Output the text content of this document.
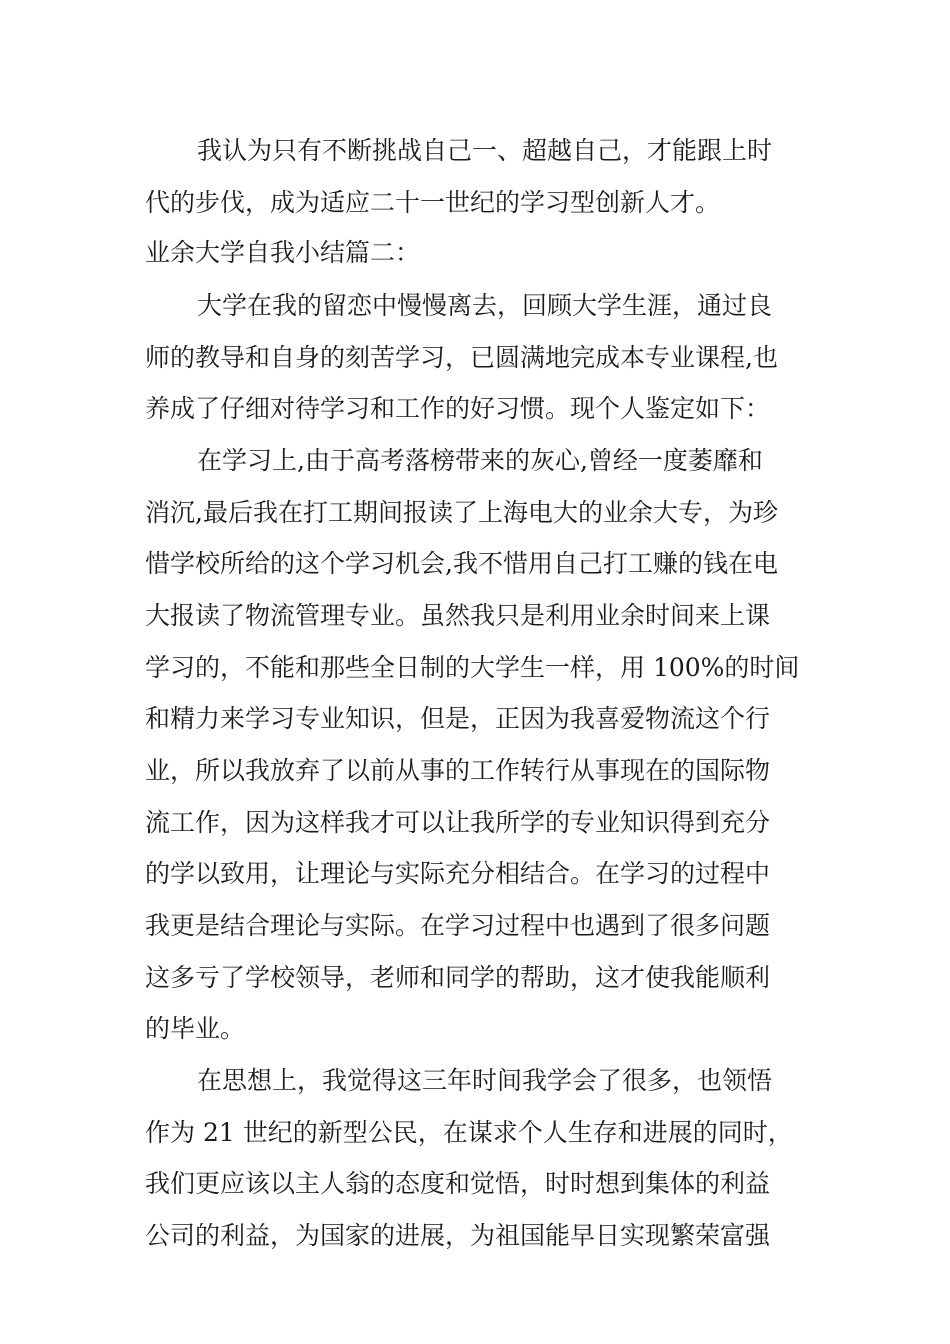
我认为只有不断挑战自己一、超越自己，才能跟上时
代的步伐，成为适应二十一世纪的学习型创新人才。
业余大学自我小结篇二：
大学在我的留恋中慢慢离去，回顾大学生涯，通过良
师的教导和自身的刻苦学习，已圆满地完成本专业课程,也
养成了仔细对待学习和工作的好习惯。现个人鉴定如下：
在学习上,由于高考落榜带来的灰心,曾经一度萎靡和
消沉,最后我在打工期间报读了上海电大的业余大专，为珍
惜学校所给的这个学习机会,我不惜用自己打工赚的钱在电
大报读了物流管理专业。虽然我只是利用业余时间来上课
学习的，不能和那些全日制的大学生一样，用 100%的时间
和精力来学习专业知识，但是，正因为我喜爱物流这个行
业，所以我放弃了以前从事的工作转行从事现在的国际物
流工作，因为这样我才可以让我所学的专业知识得到充分
的学以致用，让理论与实际充分相结合。在学习的过程中
我更是结合理论与实际。在学习过程中也遇到了很多问题
这多亏了学校领导，老师和同学的帮助，这才使我能顺利
的毕业。
在思想上，我觉得这三年时间我学会了很多，也领悟
作为 21 世纪的新型公民，在谋求个人生存和进展的同时，
我们更应该以主人翁的态度和觉悟，时时想到集体的利益
公司的利益，为国家的进展，为祖国能早日实现繁荣富强
